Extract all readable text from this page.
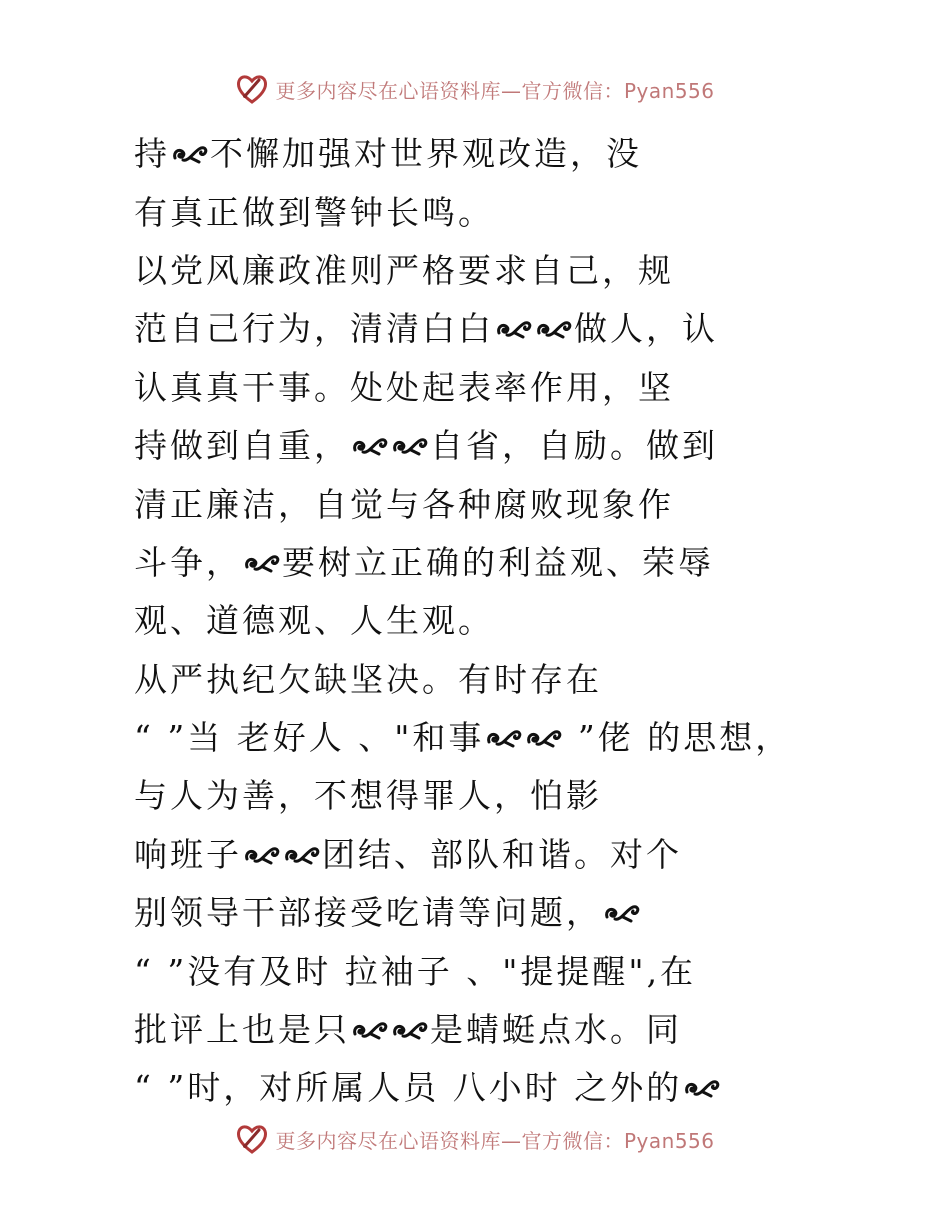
更多内容尽在心语资料库—官方微信：Pyan556
持 不懈加强对世界观改造，没
有真正做到警钟长鸣。
以党风廉政准则严格要求自己，规
范自己行为，清清白白 做人，认
认真真干事。处处起表率作用，坚
持做到自重， 自省，自励。做到
清正廉洁，自觉与各种腐败现象作
斗争， 要树立正确的利益观、荣辱
观、道德观、人生观。
从严执纪欠缺坚决。有时存在
“ ”当 老好人 、"和事 ”佬 的思想，
与人为善，不想得罪人，怕影
响班子 团结、部队和谐。对个
别领导干部接受吃请等问题，
“ ”没有及时 拉袖子 、"提提醒",在
批评上也是只 是蜻蜓点水。同
“ ”时，对所属人员 八小时 之外的
更多内容尽在心语资料库—官方微信：Pyan556
